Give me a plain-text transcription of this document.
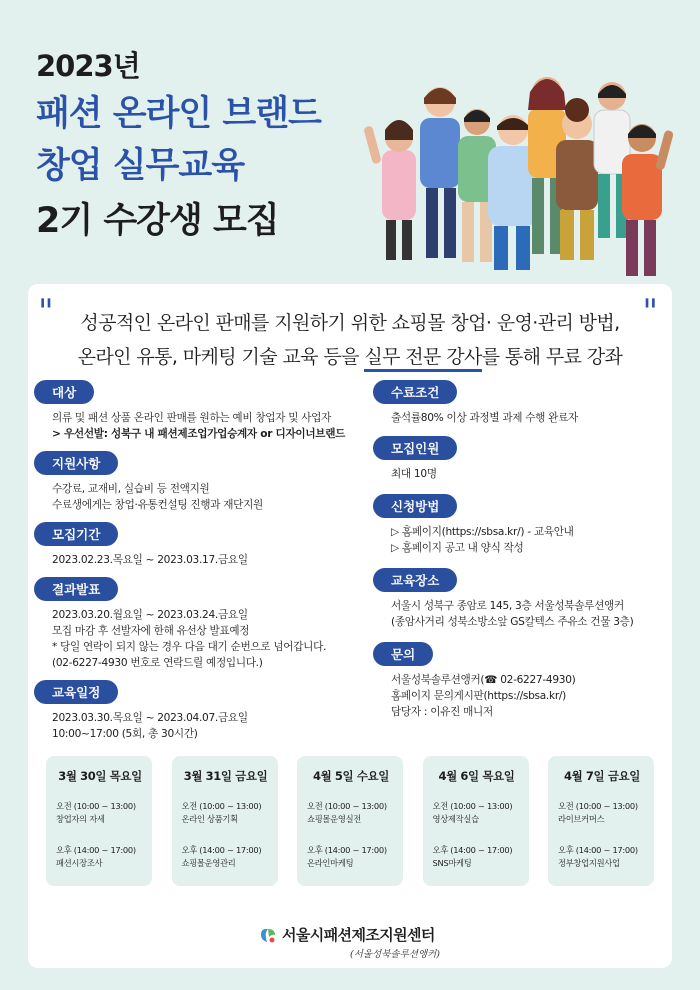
2023년
패션 온라인 브랜드
창업 실무교육
2기 수강생 모집
"	"
성공적인 온라인 판매를 지원하기 위한 쇼핑몰 창업· 운영·관리 방법,
온라인 유통, 마케팅 기술 교육 등을 실무 전문 강사를 통해 무료 강좌
대상
의류 및 패션 상품 온라인 판매를 원하는 예비 창업자 및 사업자
> 우선선발: 성북구 내 패션제조업가업승계자 or 디자이너브랜드
지원사항
수강료, 교재비, 실습비 등 전액지원
수료생에게는 창업·유통컨설팅 진행과 재단지원
모집기간
2023.02.23.목요일 ~ 2023.03.17.금요일
결과발표
2023.03.20.월요일 ~ 2023.03.24.금요일
모집 마감 후 선발자에 한해 유선상 발표예정
* 당일 연락이 되지 않는 경우 다음 대기 순번으로 넘어갑니다.
(02-6227-4930 번호로 연락드릴 예정입니다.)
교육일정
2023.03.30.목요일 ~ 2023.04.07.금요일
10:00~17:00 (5회, 총 30시간)
수료조건
출석률80% 이상 과정별 과제 수행 완료자
모집인원
최대 10명
신청방법
▷ 홈페이지(https://sbsa.kr/) - 교육안내
▷ 홈페이지 공고 내 양식 작성
교육장소
서울시 성북구 종암로 145, 3층 서울성북솔루션앵커
(종암사거리 성북소방소앞 GS칼텍스 주유소 건물 3층)
문의
서울성북솔루션앵커(☎ 02-6227-4930)
홈페이지 문의게시판(https://sbsa.kr/)
담당자 : 이유진 매니저
3월 30일 목요일
오전 (10:00 ~ 13:00)
창업자의 자세
오후 (14:00 ~ 17:00)
패션시장조사
3월 31일 금요일
오전 (10:00 ~ 13:00)
온라인 상품기획
오후 (14:00 ~ 17:00)
쇼핑몰운영관리
4월 5일 수요일
오전 (10:00 ~ 13:00)
쇼핑몰운영실전
오후 (14:00 ~ 17:00)
온라인마케팅
4월 6일 목요일
오전 (10:00 ~ 13:00)
영상제작실습
오후 (14:00 ~ 17:00)
SNS마케팅
4월 7일 금요일
오전 (10:00 ~ 13:00)
라이브커머스
오후 (14:00 ~ 17:00)
정부창업지원사업
서울시패션제조지원센터
(서울성북솔루션앵커)
